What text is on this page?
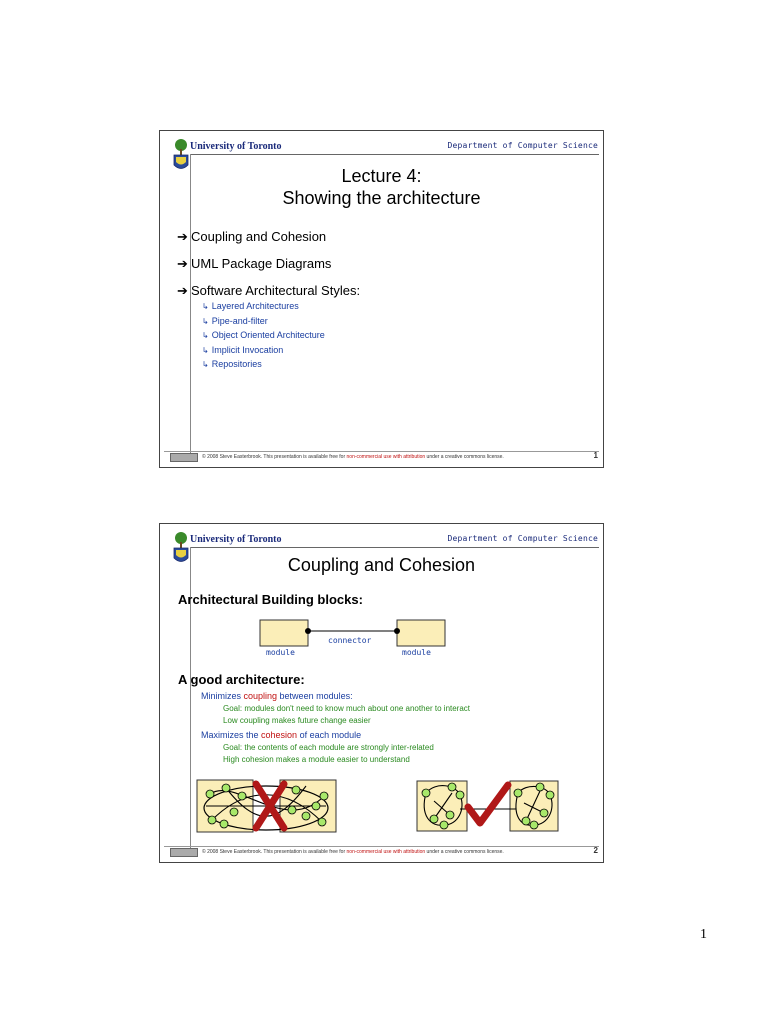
University of Toronto	Department of Computer Science
Lecture 4:
Showing the architecture
➔ Coupling and Cohesion
➔ UML Package Diagrams
➔ Software Architectural Styles:
↳ Layered Architectures
↳ Pipe-and-filter
↳ Object Oriented Architecture
↳ Implicit Invocation
↳ Repositories
© 2008 Steve Easterbrook. This presentation is available free for non-commercial use with attribution under a creative commons license.	1
University of Toronto	Department of Computer Science
Coupling and Cohesion
Architectural Building blocks:
connector
module	module
A good architecture:
Minimizes coupling between modules:
Goal: modules don't need to know much about one another to interact
Low coupling makes future change easier
Maximizes the cohesion of each module
Goal: the contents of each module are strongly inter-related
High cohesion makes a module easier to understand
© 2008 Steve Easterbrook. This presentation is available free for non-commercial use with attribution under a creative commons license.	2
1
